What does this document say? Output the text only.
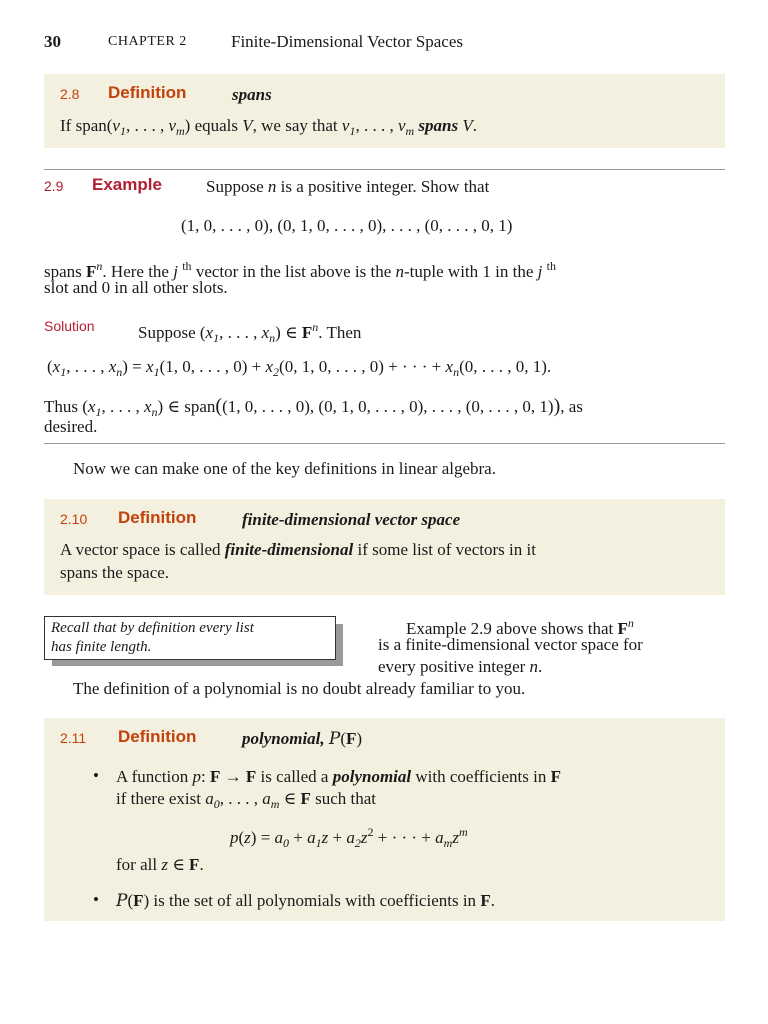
30	CHAPTER 2	Finite-Dimensional Vector Spaces
2.8 Definition	spans
If $span(v_1$, . . . , $v_m$) equals V, we say that $v_1$, . . . , $v_m$ spans V.
2.9 Example	Suppose n is a positive integer. Show that
(1, 0, . . . , 0), (0, 1, 0, . . . , 0), . . . , (0, . . . , 0, 1)
spans $F^n$. Here the j $^{th}$ vector in the list above is the n-tuple with 1 in the j $^{th}$
slot and 0 in all other slots.
Solution	Suppose ($x_1$, . . . , $x_n$) ∈ $F^n$. Then
($x_1$, . . . , $x_n) = x_1(1$, 0, . . . , $0) + x_2(0$, 1, 0, . . . , 0) + · · · + $x_n(0$, . . . , 0, 1).
Thus ($x_1$, . . . , $x_n$) ∈ span((1, 0, . . . , 0), (0, 1, 0, . . . , 0), . . . , (0, . . . , 0, 1)), as
desired.
Now we can make one of the key definitions in linear algebra.
2.10 Definition	finite-dimensional vector space
A vector space is called finite-dimensional if some list of vectors in it
spans the space.
Recall that by definition every list
has finite length.
Example 2.9 above shows that $F^n$
is a finite-dimensional vector space for
every positive integer n.
The definition of a polynomial is no doubt already familiar to you.
2.11 Definition	polynomial, P(F)
• A function p: F → F is called a polynomial with coefficients in F
if there exist $a_0$, . . . , $a_m$ ∈ F such that
$p(z) = a_0 + a_1z + a_2z^2$ + · · · + $a_mz^m$
for all z ∈ F.
• P(F) is the set of all polynomials with coefficients in F.
